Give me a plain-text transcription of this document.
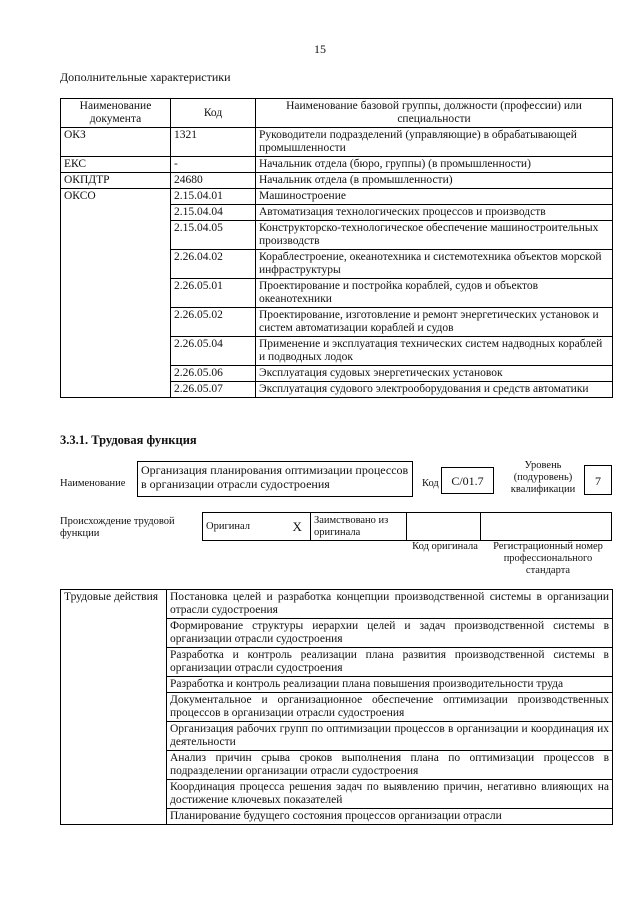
15
Дополнительные характеристики
Наименование документа	Код	Наименование базовой группы, должности (профессии) или специальности
ОКЗ	1321	Руководители подразделений (управляющие) в обрабатывающей промышленности
ЕКС	-	Начальник отдела (бюро, группы) (в промышленности)
ОКПДТР	24680	Начальник отдела (в промышленности)
ОКСО	2.15.04.01	Машиностроение
	2.15.04.04	Автоматизация технологических процессов и производств
	2.15.04.05	Конструкторско-технологическое обеспечение машиностроительных производств
	2.26.04.02	Кораблестроение, океанотехника и системотехника объектов морской инфраструктуры
	2.26.05.01	Проектирование и постройка кораблей, судов и объектов океанотехники
	2.26.05.02	Проектирование, изготовление и ремонт энергетических установок и систем автоматизации кораблей и судов
	2.26.05.04	Применение и эксплуатация технических систем надводных кораблей и подводных лодок
	2.26.05.06	Эксплуатация судовых энергетических установок
	2.26.05.07	Эксплуатация судового электрооборудования и средств автоматики
3.3.1. Трудовая функция
Наименование
Организация планирования оптимизации процессов в организации отрасли судостроения	Код	C/01.7
Уровень (подуровень) квалификации
7
Происхождение трудовой функции
Оригинал	X	Заимствовано из оригинала		
Код оригинала	Регистрационный номер профессионального стандарта
Трудовые действия	Постановка целей и разработка концепции производственной системы в организации отрасли судостроения
Формирование структуры иерархии целей и задач производственной системы в организации отрасли судостроения
Разработка и контроль реализации плана развития производственной системы в организации отрасли судостроения
Разработка и контроль реализации плана повышения производительности труда
Документальное и организационное обеспечение оптимизации производственных процессов в организации отрасли судостроения
Организация рабочих групп по оптимизации процессов в организации и координация их деятельности
Анализ причин срыва сроков выполнения плана по оптимизации процессов в подразделении организации отрасли судостроения
Координация процесса решения задач по выявлению причин, негативно влияющих на достижение ключевых показателей
Планирование будущего состояния процессов организации отрасли
